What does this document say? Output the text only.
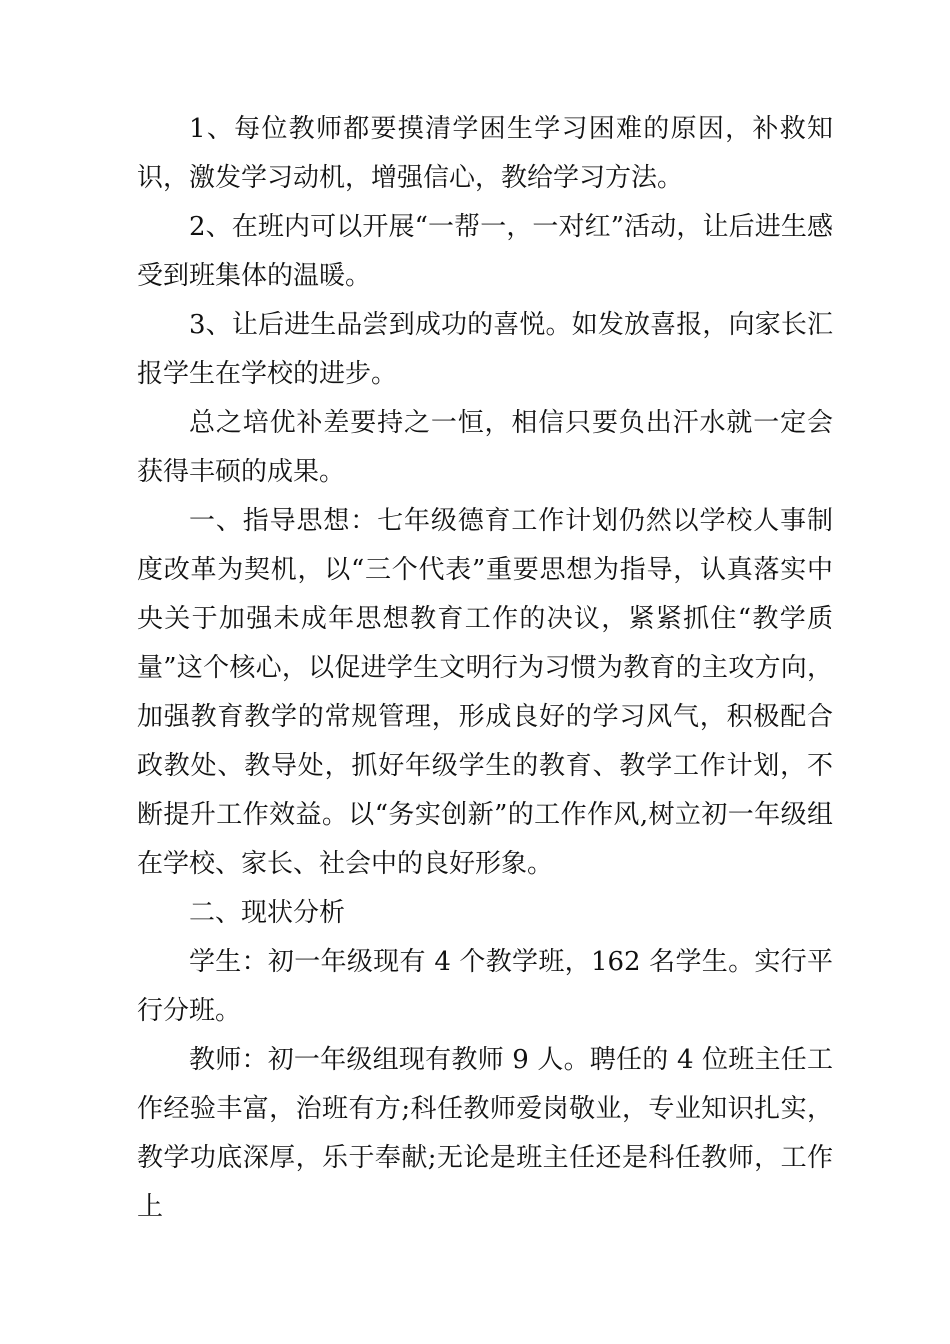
1、每位教师都要摸清学困生学习困难的原因，补救知识，激发学习动机，增强信心，教给学习方法。

2、在班内可以开展“一帮一，一对红”活动，让后进生感受到班集体的温暖。

3、让后进生品尝到成功的喜悦。如发放喜报，向家长汇报学生在学校的进步。

总之培优补差要持之一恒，相信只要负出汗水就一定会获得丰硕的成果。

一、指导思想：七年级德育工作计划仍然以学校人事制度改革为契机，以“三个代表”重要思想为指导，认真落实中央关于加强未成年思想教育工作的决议，紧紧抓住“教学质量”这个核心，以促进学生文明行为习惯为教育的主攻方向，加强教育教学的常规管理，形成良好的学习风气，积极配合政教处、教导处，抓好年级学生的教育、教学工作计划，不断提升工作效益。以“务实创新”的工作作风,树立初一年级组在学校、家长、社会中的良好形象。

二、现状分析

学生：初一年级现有 4 个教学班，162 名学生。实行平行分班。

教师：初一年级组现有教师 9 人。聘任的 4 位班主任工作经验丰富，治班有方;科任教师爱岗敬业，专业知识扎实，教学功底深厚，乐于奉献;无论是班主任还是科任教师，工作上
